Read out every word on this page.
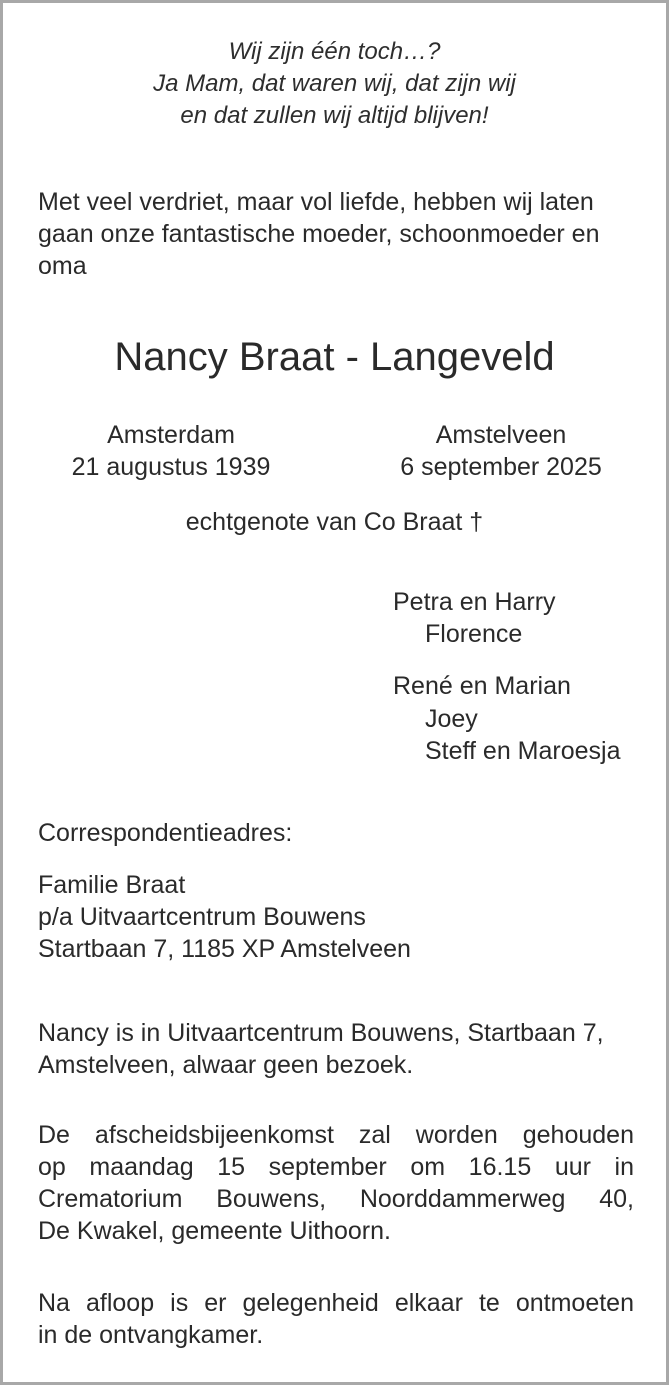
Wij zijn één toch…?
Ja Mam, dat waren wij, dat zijn wij
en dat zullen wij altijd blijven!
Met veel verdriet, maar vol liefde, hebben wij laten
gaan onze fantastische moeder, schoonmoeder en
oma
Nancy Braat - Langeveld
Amsterdam
21 augustus 1939
Amstelveen
6 september 2025
echtgenote van Co Braat †
Petra en Harry
Florence
René en Marian
Joey
Steff en Maroesja
Correspondentieadres:
Familie Braat
p/a Uitvaartcentrum Bouwens
Startbaan 7, 1185 XP Amstelveen
Nancy is in Uitvaartcentrum Bouwens, Startbaan 7,
Amstelveen, alwaar geen bezoek.
De afscheidsbijeenkomst zal worden gehouden
op maandag 15 september om 16.15 uur in
Crematorium Bouwens, Noorddammerweg 40,
De Kwakel, gemeente Uithoorn.
Na afloop is er gelegenheid elkaar te ontmoeten
in de ontvangkamer.
